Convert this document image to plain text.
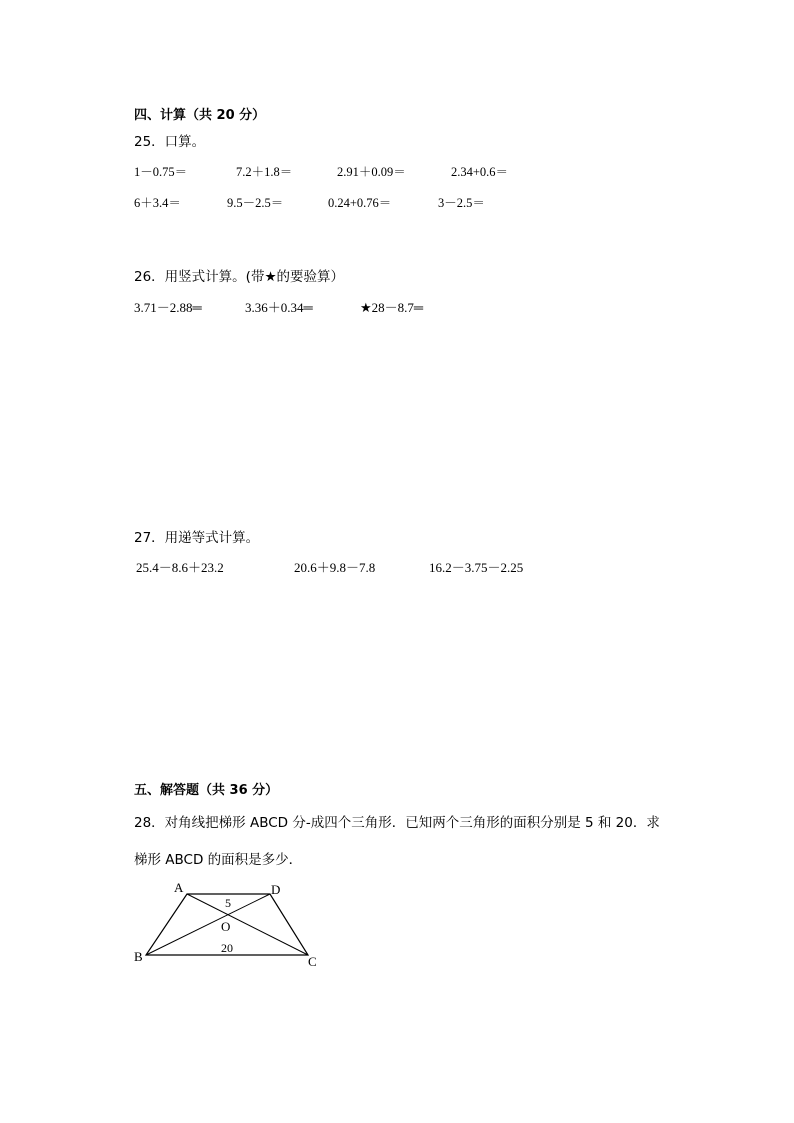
四、计算（共 20 分）
25．口算。
1－0.75＝	7.2＋1.8＝	2.91＋0.09＝	2.34+0.6＝
6＋3.4＝	9.5－2.5＝	0.24+0.76＝	3－2.5＝
26．用竖式计算。(带★的要验算）
3.71－2.88═	3.36＋0.34═	★28－8.7═
27．用递等式计算。
25.4－8.6＋23.2	20.6＋9.8－7.8	16.2－3.75－2.25
五、解答题（共 36 分）
28．对角线把梯形 ABCD 分-成四个三角形．已知两个三角形的面积分别是 5 和 20．求
梯形 ABCD 的面积是多少．
A	D
B	C
O
5
20
